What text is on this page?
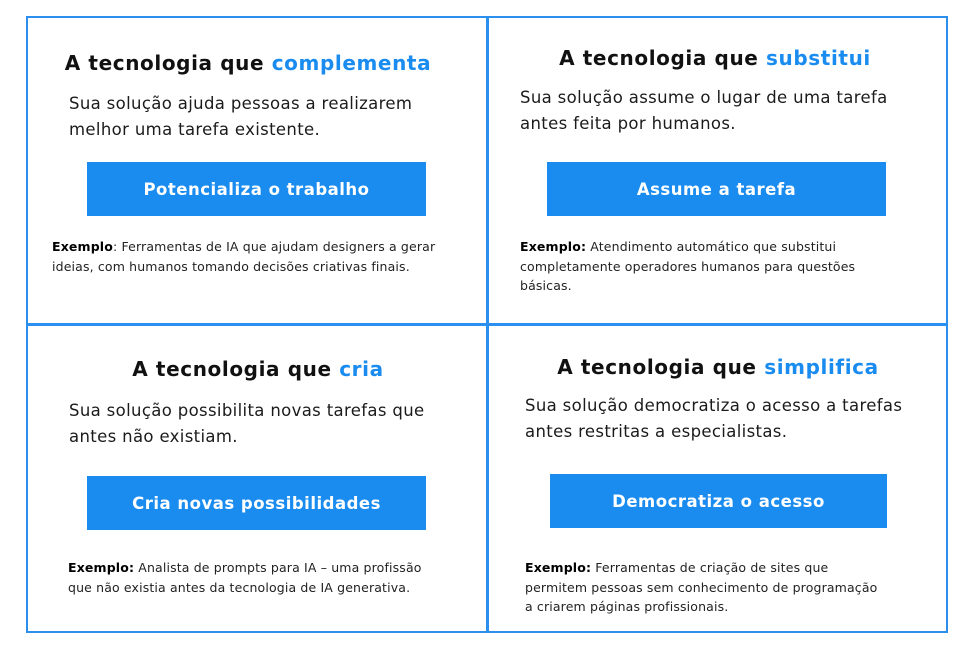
A tecnologia que complementa
Sua solução ajuda pessoas a realizarem
melhor uma tarefa existente.
Potencializa o trabalho
Exemplo: Ferramentas de IA que ajudam designers a gerar
ideias, com humanos tomando decisões criativas finais.
A tecnologia que substitui
Sua solução assume o lugar de uma tarefa
antes feita por humanos.
Assume a tarefa
Exemplo: Atendimento automático que substitui
completamente operadores humanos para questões
básicas.
A tecnologia que cria
Sua solução possibilita novas tarefas que
antes não existiam.
Cria novas possibilidades
Exemplo: Analista de prompts para IA – uma profissão
que não existia antes da tecnologia de IA generativa.
A tecnologia que simplifica
Sua solução democratiza o acesso a tarefas
antes restritas a especialistas.
Democratiza o acesso
Exemplo: Ferramentas de criação de sites que
permitem pessoas sem conhecimento de programação
a criarem páginas profissionais.
